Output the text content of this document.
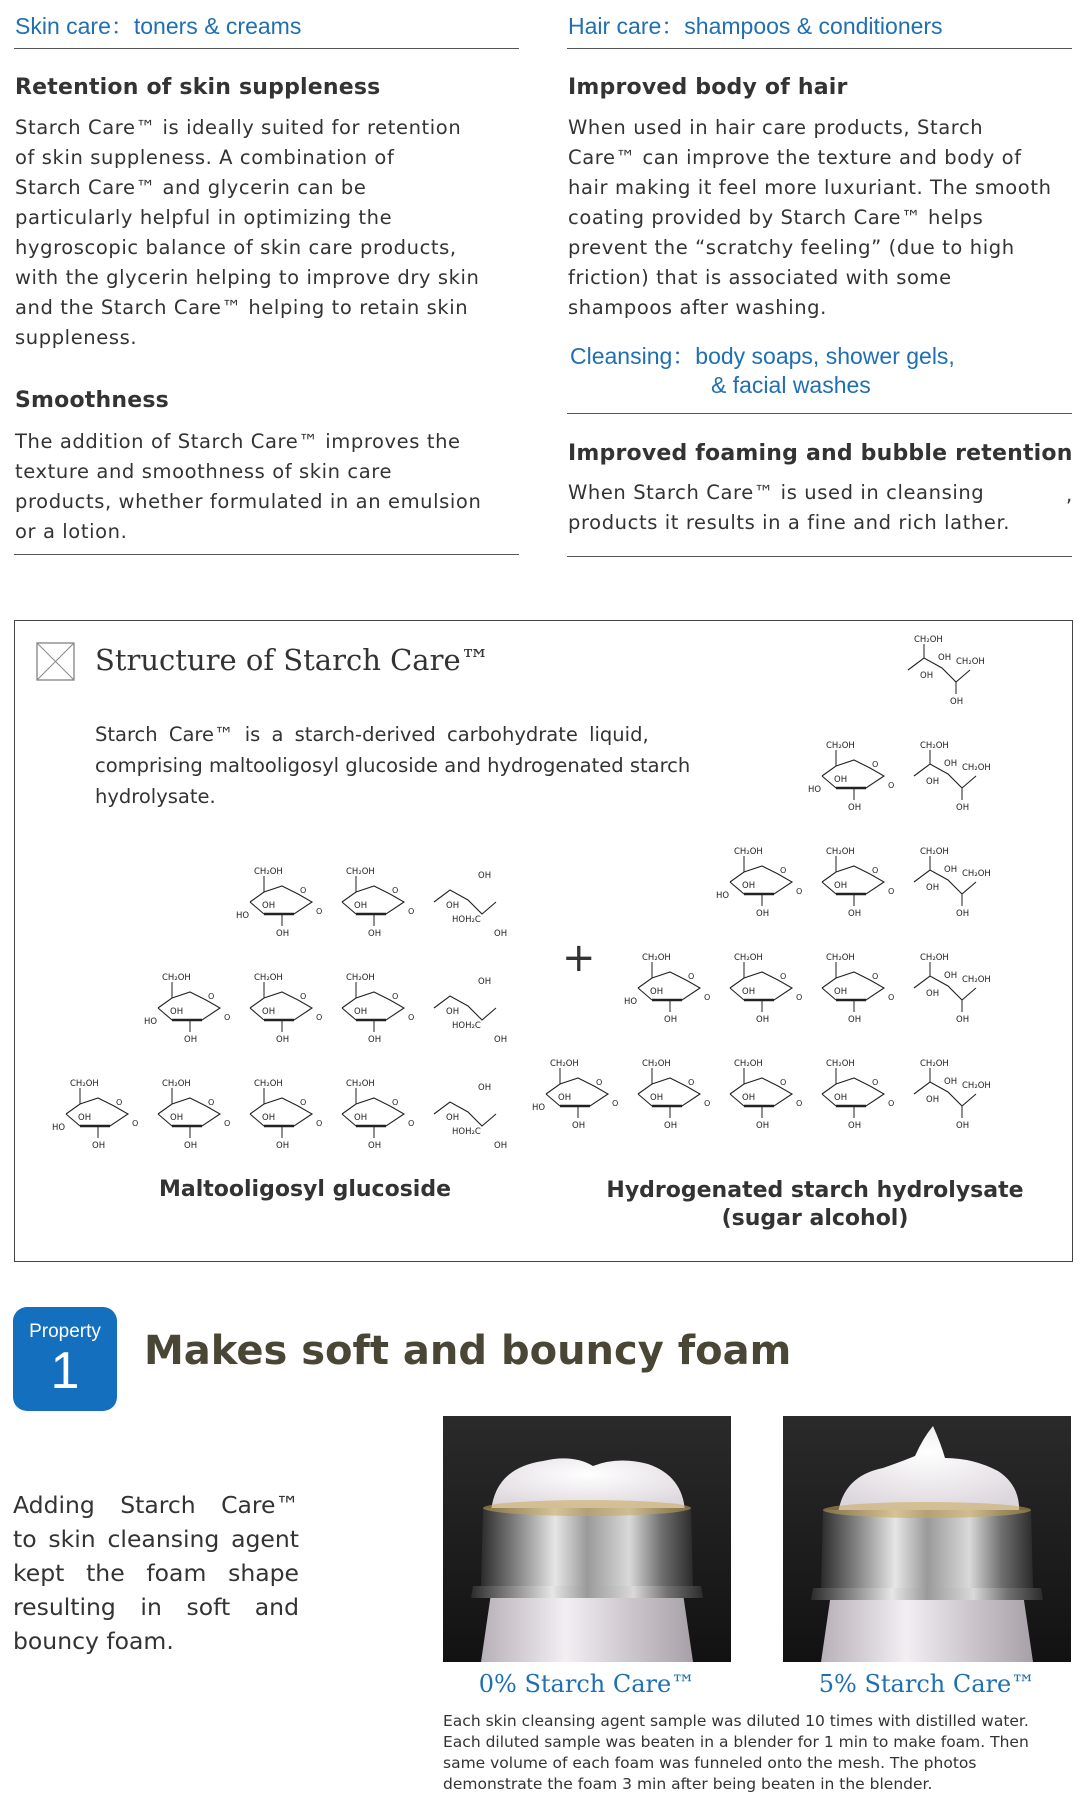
Skin care：toners & creams
Retention of skin suppleness
Starch Care™ is ideally suited for retention
of skin suppleness. A combination of
Starch Care™ and glycerin can be
particularly helpful in optimizing the
hygroscopic balance of skin care products,
with the glycerin helping to improve dry skin
and the Starch Care™ helping to retain skin
suppleness.
Smoothness
The addition of Starch Care™ improves the
texture and smoothness of skin care
products, whether formulated in an emulsion
or a lotion.
Hair care：shampoos & conditioners
Improved body of hair
When used in hair care products, Starch
Care™ can improve the texture and body of
hair making it feel more luxuriant. The smooth
coating provided by Starch Care™ helps
prevent the “scratchy feeling” (due to high
friction) that is associated with some
shampoos after washing.
Cleansing：body soaps, shower gels,
& facial washes
Improved foaming and bubble retention
When Starch Care™ is used in cleansing
products it results in a fine and rich lather.
,
Structure of Starch Care™
Starch Care™ is a starch-derived carbohydrate liquid,
comprising maltooligosyl glucoside and hydrogenated starch
hydrolysate.
O
CH₂OH
OH
OH
HO	O
O
CH₂OH
OH
OH
O
OH
OH
HOH₂C
OH
O
CH₂OH
OH
OH
HO	O
O
CH₂OH
OH
OH
O
O
CH₂OH
OH
OH
O
OH
OH
HOH₂C
OH
O
CH₂OH
OH
OH
HO	O
O
CH₂OH
OH
OH
O
O
CH₂OH
OH
OH
O
O
CH₂OH
OH
OH
O
OH
OH
HOH₂C
OH
CH₂OH
OH CH₂OH
OH
OH
O
CH₂OH
OH
OH
HO	O
CH₂OH
OH CH₂OH
OH
OH
O
CH₂OH
OH
OH
HO	O
O
CH₂OH
OH
OH
O
CH₂OH
OH CH₂OH
OH
OH
O
CH₂OH
OH
OH
HO	O
O
CH₂OH
OH
OH
O
O
CH₂OH
OH
OH
O
CH₂OH
OH CH₂OH
OH
OH
O
CH₂OH
OH
OH
HO	O
O
CH₂OH
OH
OH
O
O
CH₂OH
OH
OH
O
O
CH₂OH
OH
OH
O
CH₂OH
OH CH₂OH
OH
OH
+
Maltooligosyl glucoside	Hydrogenated starch hydrolysate
(sugar alcohol)
Property
1	Makes soft and bouncy foam
Adding Starch Care™
to skin cleansing agent
kept the foam shape
resulting in soft and
bouncy foam.
0% Starch Care™	5% Starch Care™
Each skin cleansing agent sample was diluted 10 times with distilled water.
Each diluted sample was beaten in a blender for 1 min to make foam. Then
same volume of each foam was funneled onto the mesh. The photos
demonstrate the foam 3 min after being beaten in the blender.
